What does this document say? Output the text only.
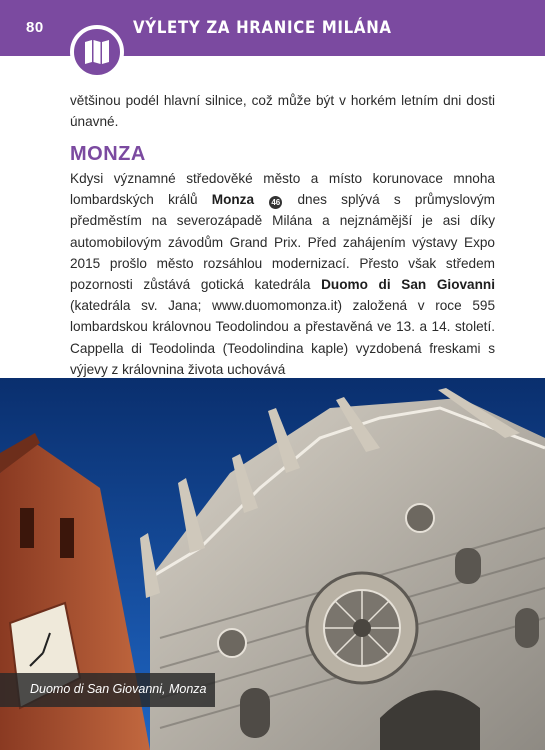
80	VÝLETY ZA HRANICE MILÁNA
většinou podél hlavní silnice, což může být v horkém letním dni dosti únavné.
MONZA
Kdysi významné středověké město a místo korunovace mnoha lombardských králů Monza 46 dnes splývá s průmyslovým předměstím na severozápadě Milána a nejznámější je asi díky automobilovým závodům Grand Prix. Před zahájením výstavy Expo 2015 prošlo město rozsáhlou modernizací. Přesto však středem pozornosti zůstává gotická katedrála Duomo di San Giovanni (katedrála sv. Jana; www.duomomonza.it) založená v roce 595 lombardskou královnou Teodolindou a přestavěná ve 13. a 14. století. Cappella di Teodolinda (Teodolindina kaple) vyzdobená freskami s výjevy z královnina života uchovává
Duomo di San Giovanni, Monza
